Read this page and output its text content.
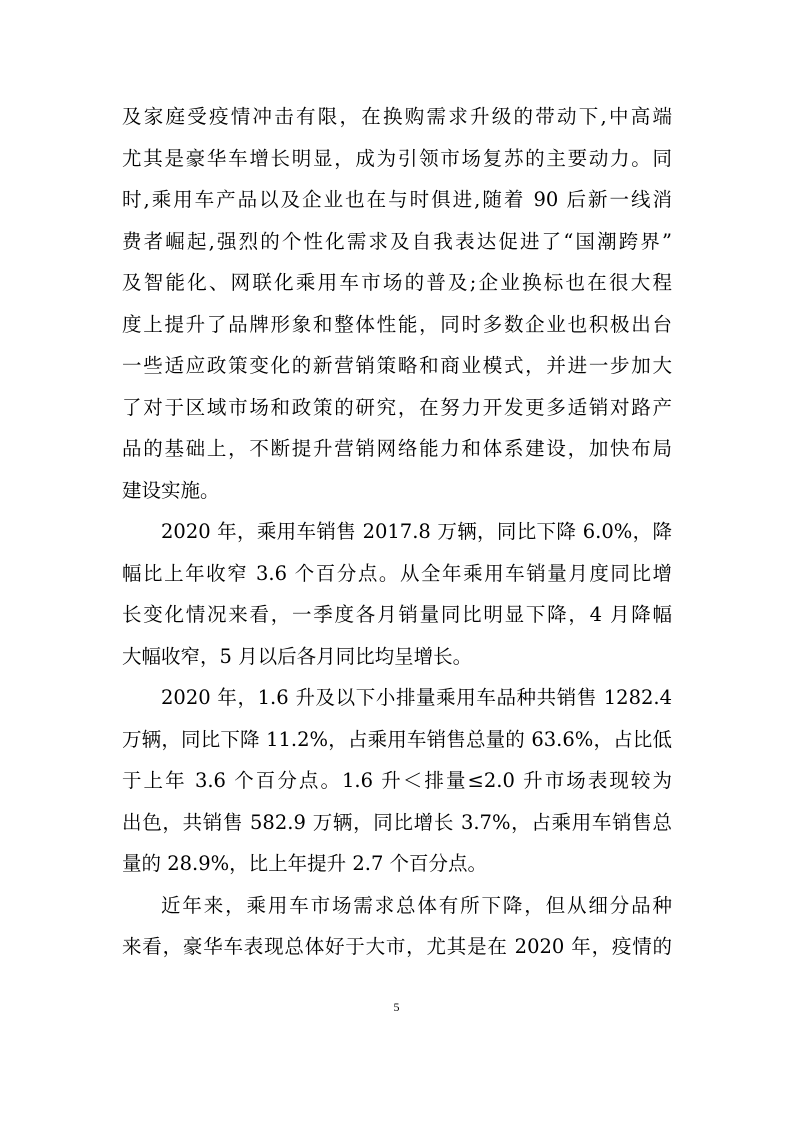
及家庭受疫情冲击有限，在换购需求升级的带动下,中高端
尤其是豪华车增长明显，成为引领市场复苏的主要动力。同
时,乘用车产品以及企业也在与时俱进,随着 90 后新一线消
费者崛起,强烈的个性化需求及自我表达促进了“国潮跨界”
及智能化、网联化乘用车市场的普及;企业换标也在很大程
度上提升了品牌形象和整体性能，同时多数企业也积极出台
一些适应政策变化的新营销策略和商业模式，并进一步加大
了对于区域市场和政策的研究，在努力开发更多适销对路产
品的基础上，不断提升营销网络能力和体系建设，加快布局
建设实施。
2020 年，乘用车销售 2017.8 万辆，同比下降 6.0%，降
幅比上年收窄 3.6 个百分点。从全年乘用车销量月度同比增
长变化情况来看，一季度各月销量同比明显下降，4 月降幅
大幅收窄，5 月以后各月同比均呈增长。
2020 年，1.6 升及以下小排量乘用车品种共销售 1282.4
万辆，同比下降 11.2%，占乘用车销售总量的 63.6%，占比低
于上年 3.6 个百分点。1.6 升＜排量≤2.0 升市场表现较为
出色，共销售 582.9 万辆，同比增长 3.7%，占乘用车销售总
量的 28.9%，比上年提升 2.7 个百分点。
近年来，乘用车市场需求总体有所下降，但从细分品种
来看，豪华车表现总体好于大市，尤其是在 2020 年，疫情的
5
